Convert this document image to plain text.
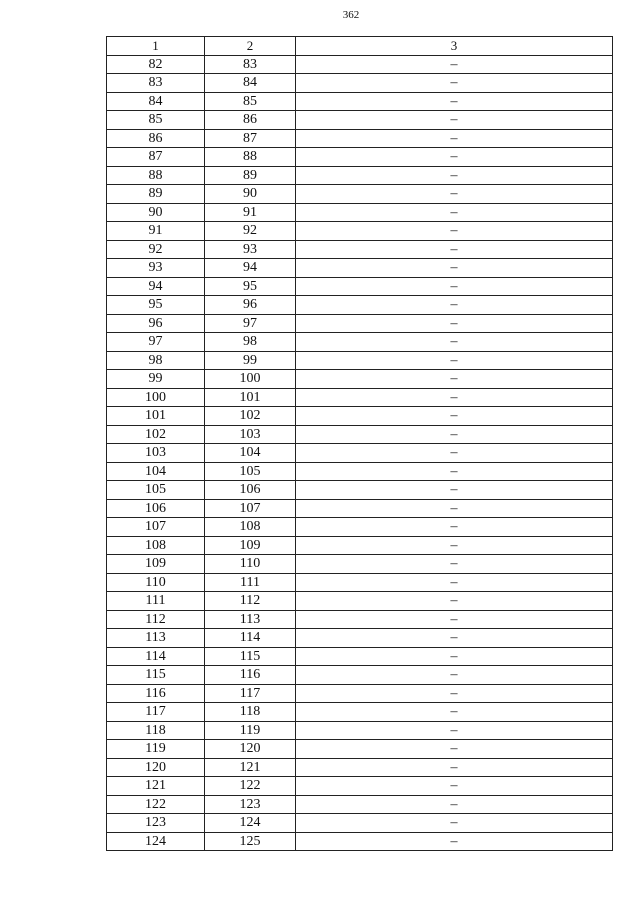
362
1	2	3
82	83	–
83	84	–
84	85	–
85	86	–
86	87	–
87	88	–
88	89	–
89	90	–
90	91	–
91	92	–
92	93	–
93	94	–
94	95	–
95	96	–
96	97	–
97	98	–
98	99	–
99	100	–
100	101	–
101	102	–
102	103	–
103	104	–
104	105	–
105	106	–
106	107	–
107	108	–
108	109	–
109	110	–
110	111	–
111	112	–
112	113	–
113	114	–
114	115	–
115	116	–
116	117	–
117	118	–
118	119	–
119	120	–
120	121	–
121	122	–
122	123	–
123	124	–
124	125	–
